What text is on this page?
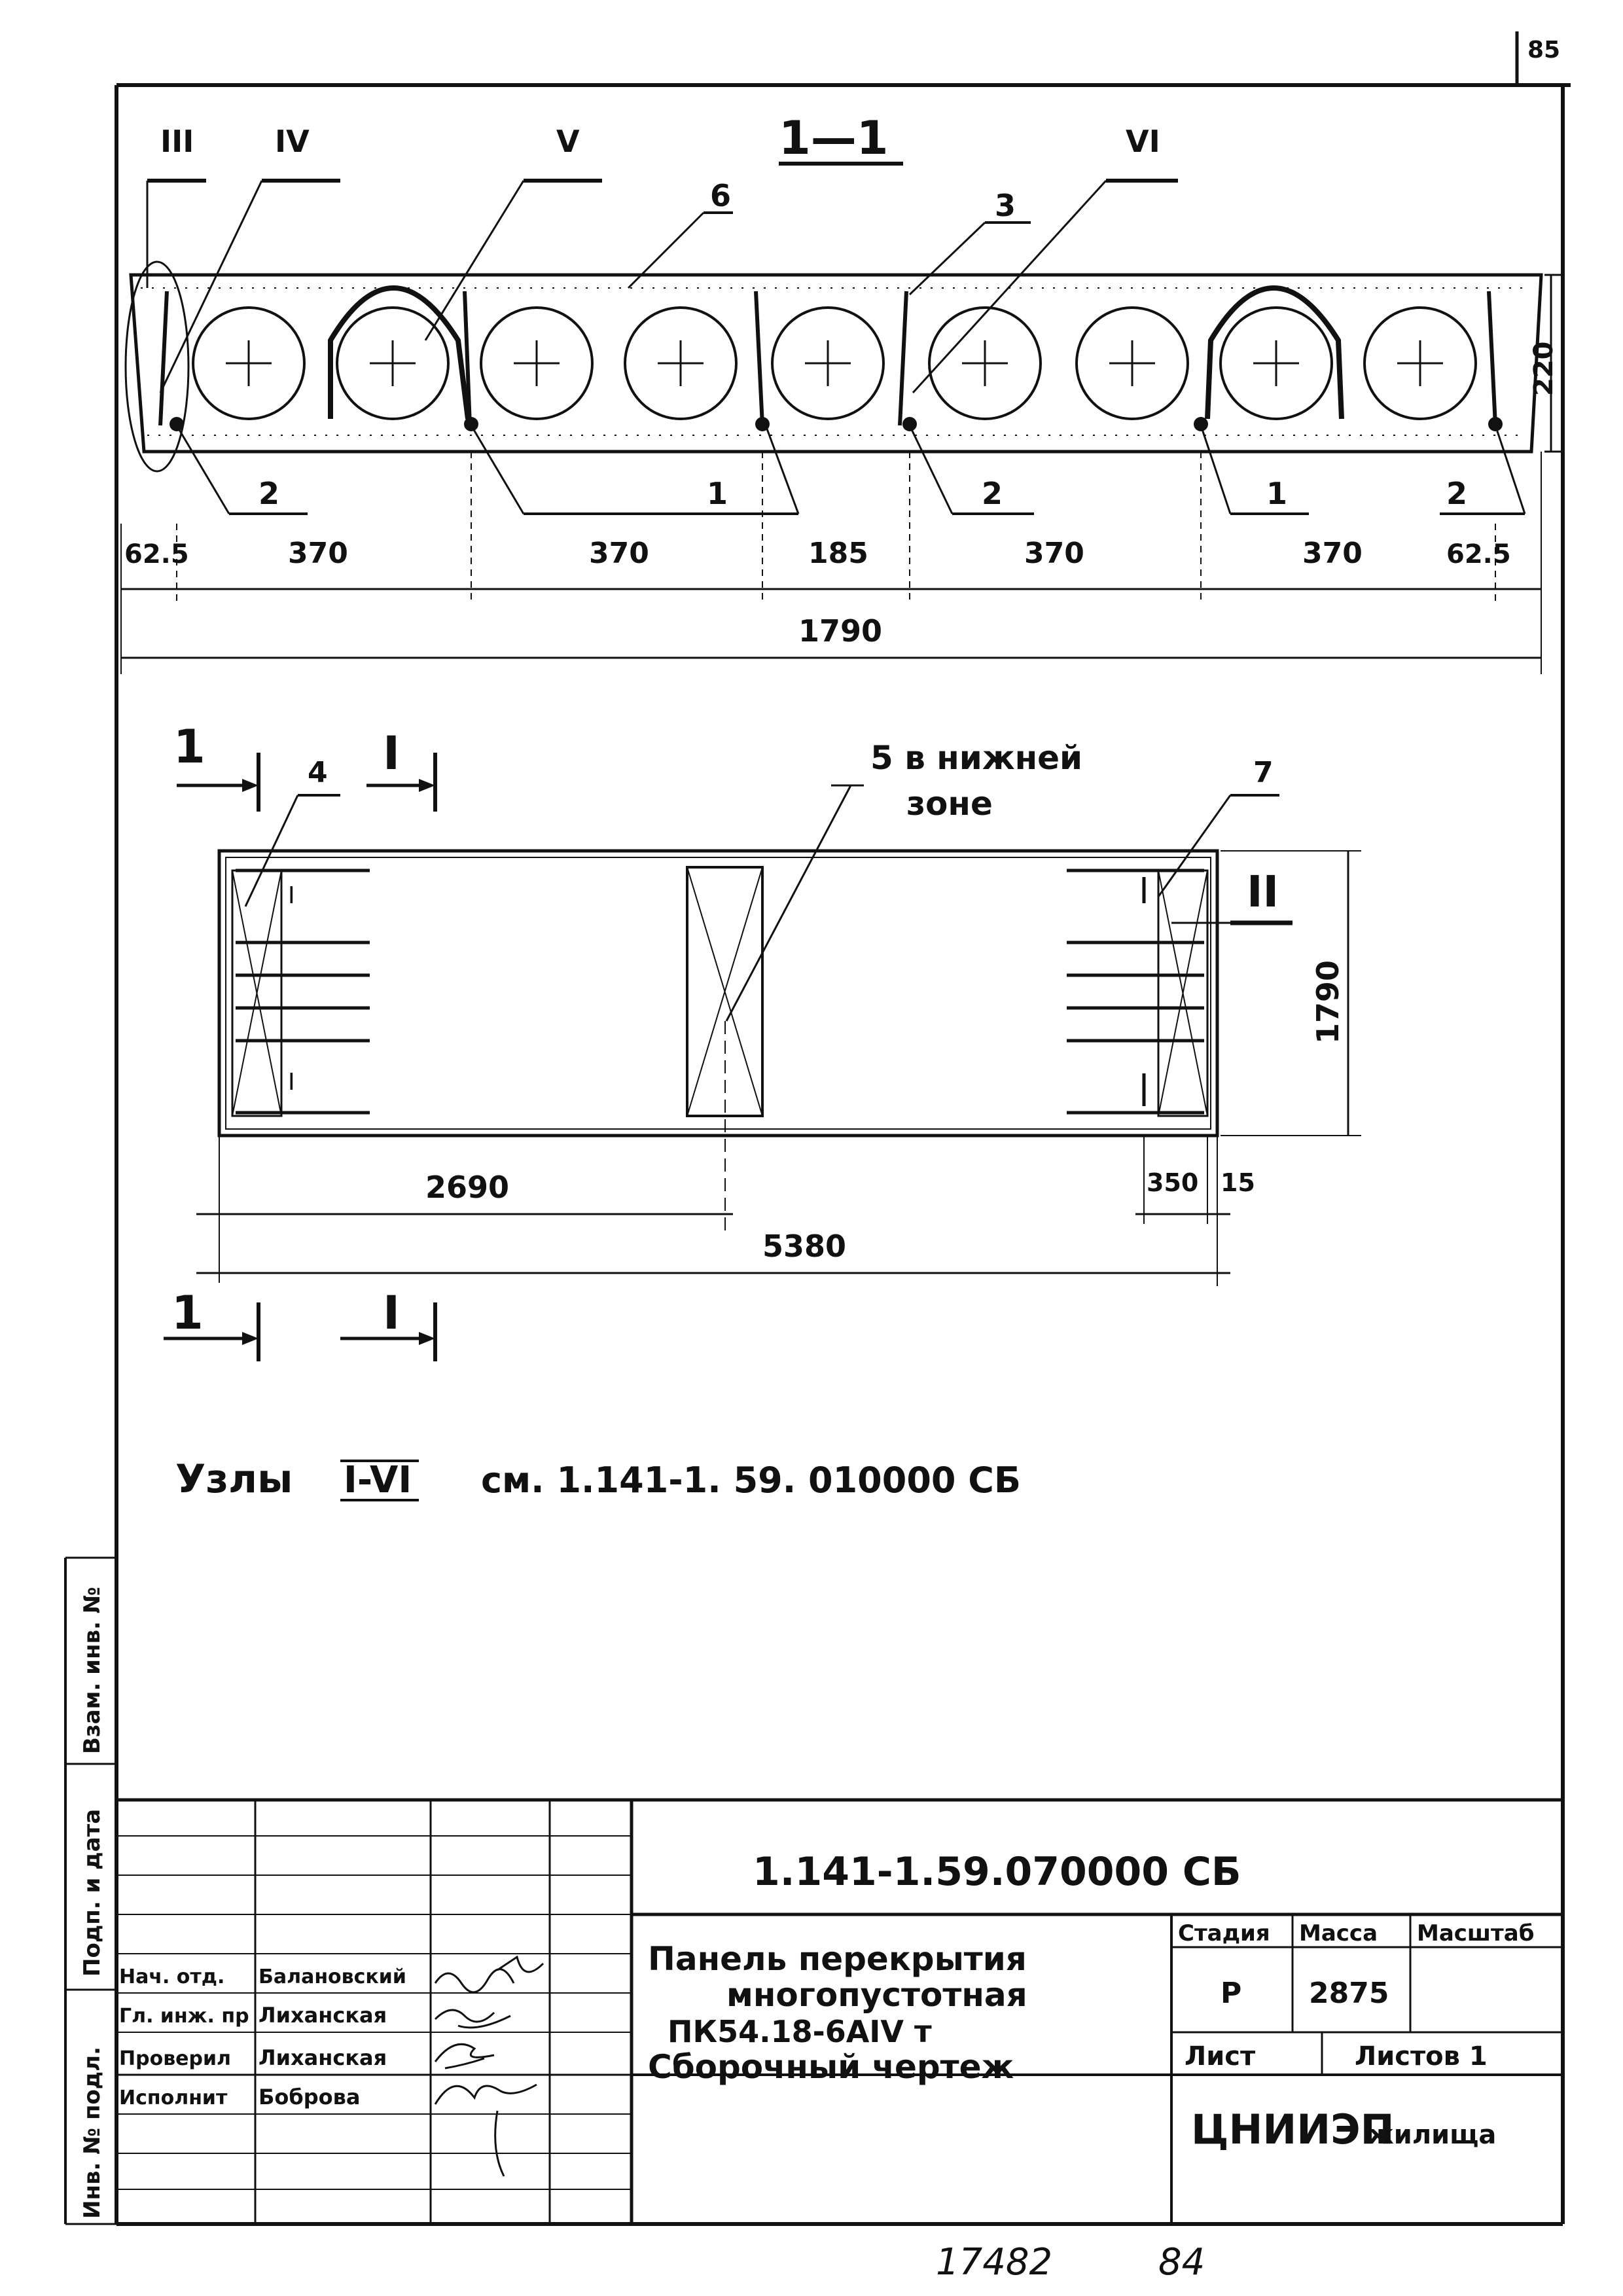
85
Инв. № подл.
Подп. и дата
Взам. инв. №
1—1
III	IV	V	VI
6	3
2	1	2	1	2
220
62.5	370	370	185	370	370	62.5
1790
1	I
4	5 в нижней
зоне
7
I
I
II
1790
2690
5380
350 15
1	I
Узлы I-VI см. 1.141-1. 59. 010000 СБ
Нач. отд. Балановский
Гл. инж. пр Лиханская
Проверил Лиханская
Исполнит Боброва
1.141-1.59.070000 СБ
Панель перекрытия
многопустотная
ПК54.18-6АIV т
Сборочный чертеж
Стадия Масса Масштаб
Р 2875
Лист	Листов 1
ЦНИИЭП
жилища
17482	84
